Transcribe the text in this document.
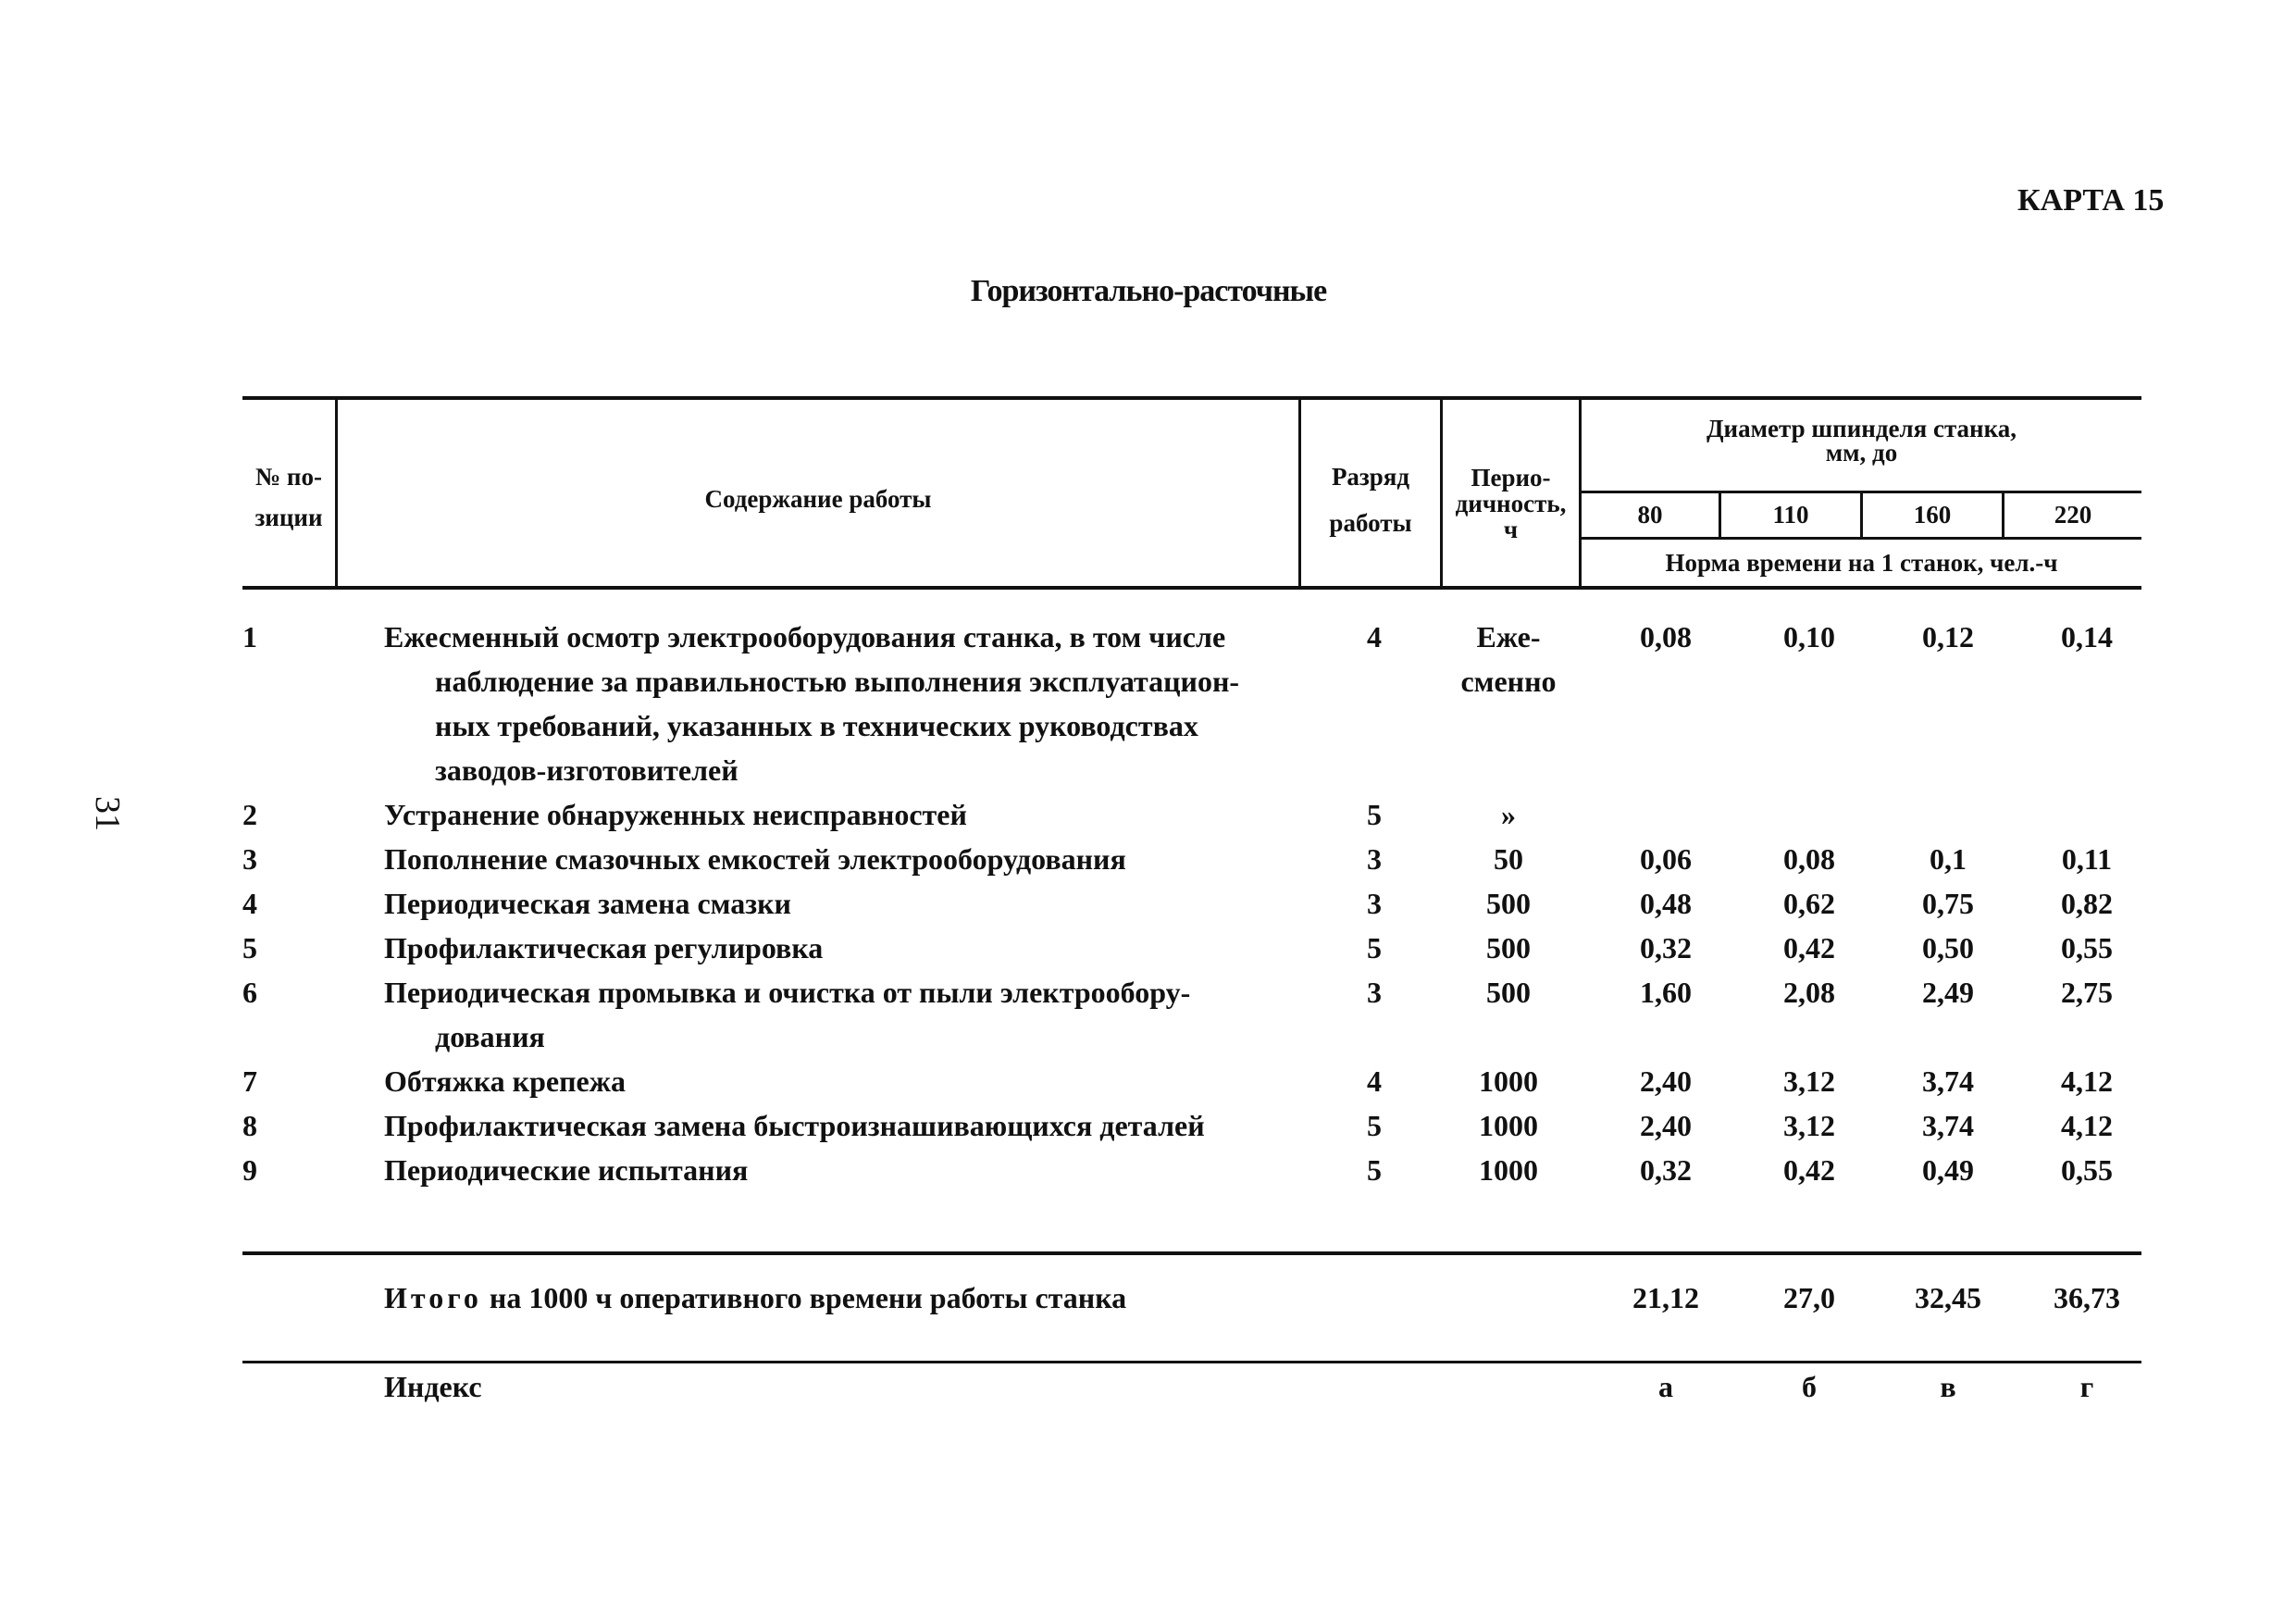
КАРТА 15
Горизонтально-расточные
31
№ по-
зиции
Содержание работы
Разряд
работы
Перио-
дичность,
ч
Диаметр шпинделя станка,
мм, до
80	110	160	220
Норма времени на 1 станок, чел.-ч
1	Ежесменный осмотр электрооборудования станка, в том числе
наблюдение за правильностью выполнения эксплуатацион-
ных требований, указанных в технических руководствах
заводов-изготовителей
4	Еже-
сменно
0,08	0,10	0,12	0,14
2	Устранение обнаруженных неисправностей	5	»
3	Пополнение смазочных емкостей электрооборудования	3	50	0,06	0,08	0,1	0,11
4	Периодическая замена смазки	3	500	0,48	0,62	0,75	0,82
5	Профилактическая регулировка	5	500	0,32	0,42	0,50	0,55
6	Периодическая промывка и очистка от пыли электрообору-
дования
3	500	1,60	2,08	2,49	2,75
7	Обтяжка крепежа	4	1000	2,40	3,12	3,74	4,12
8	Профилактическая замена быстроизнашивающихся деталей	5	1000	2,40	3,12	3,74	4,12
9	Периодические испытания	5	1000	0,32	0,42	0,49	0,55
Итого на 1000 ч оперативного времени работы станка	21,12	27,0	32,45	36,73
Индекс	а	б	в	г
